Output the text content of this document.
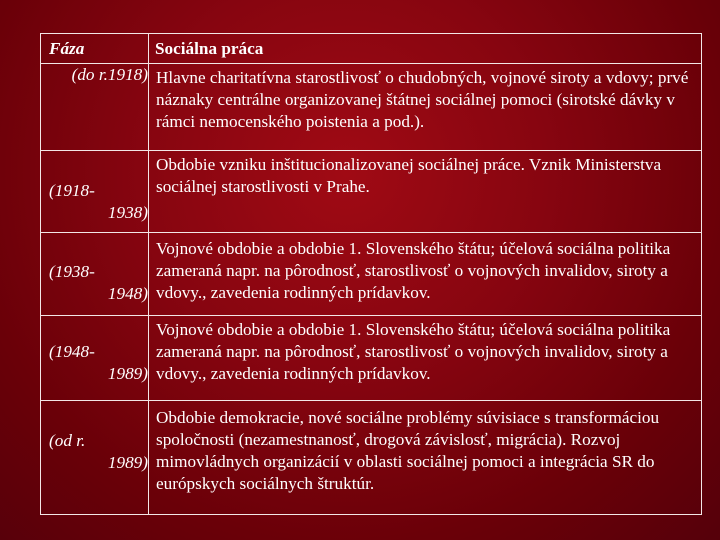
Fáza	Sociálna práca
(do r.1918)	Hlavne charitatívna starostlivosť o chudobných, vojnové siroty a vdovy; prvé náznaky centrálne organizovanej štátnej sociálnej pomoci (sirotské dávky v rámci nemocenského poistenia a pod.).

(1918-
1938)	Obdobie vzniku inštitucionalizovanej sociálnej práce. Vznik Ministerstva sociálnej starostlivosti v Prahe.

(1938-
1948)	Vojnové obdobie a obdobie 1. Slovenského štátu; účelová sociálna politika zameraná napr. na pôrodnosť, starostlivosť o vojnových invalidov, siroty a vdovy., zavedenia rodinných prídavkov.

(1948-
1989)	Vojnové obdobie a obdobie 1. Slovenského štátu; účelová sociálna politika zameraná napr. na pôrodnosť, starostlivosť o vojnových invalidov, siroty a vdovy., zavedenia rodinných prídavkov.

(od r.
1989)	Obdobie demokracie, nové sociálne problémy súvisiace s transformáciou spoločnosti (nezamestnanosť, drogová závislosť, migrácia). Rozvoj mimovládnych organizácií v oblasti sociálnej pomoci a integrácia SR do európskych sociálnych štruktúr.
